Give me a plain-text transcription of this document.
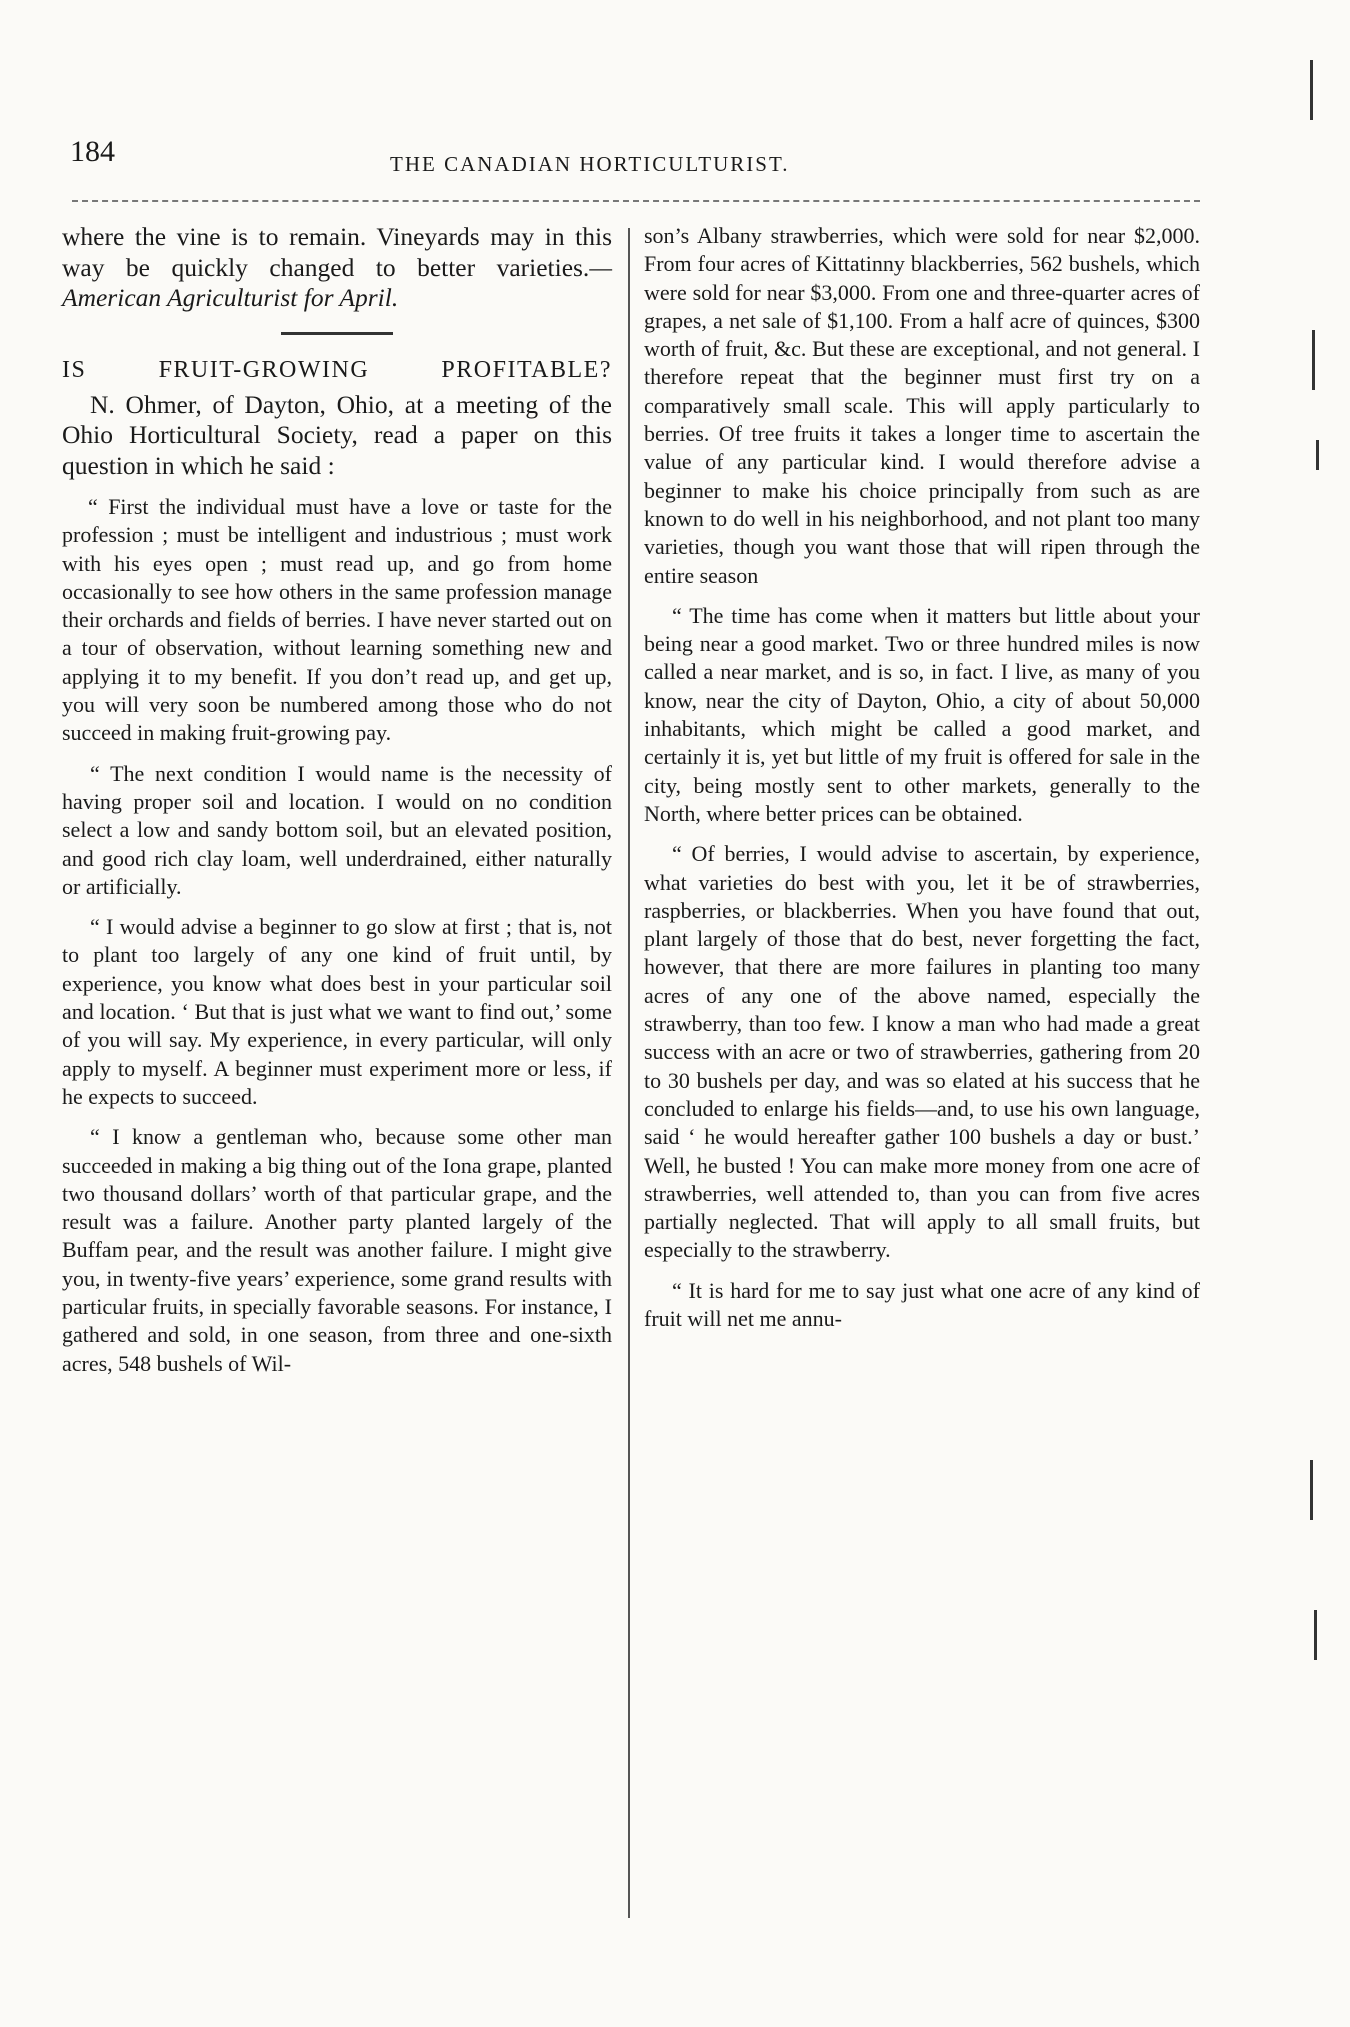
184	THE CANADIAN HORTICULTURIST.

where the vine is to remain. Vineyards may in this way be quickly changed to better varieties.—American Agriculturist for April.

IS FRUIT-GROWING PROFITABLE?

N. Ohmer, of Dayton, Ohio, at a meeting of the Ohio Horticultural Society, read a paper on this question in which he said :

“ First the individual must have a love or taste for the profession ; must be intelligent and industrious ; must work with his eyes open ; must read up, and go from home occasionally to see how others in the same profession manage their orchards and fields of berries. I have never started out on a tour of observation, without learning something new and applying it to my benefit. If you don’t read up, and get up, you will very soon be numbered among those who do not succeed in making fruit-growing pay.

“ The next condition I would name is the necessity of having proper soil and location. I would on no condition select a low and sandy bottom soil, but an elevated position, and good rich clay loam, well underdrained, either naturally or artificially.

“ I would advise a beginner to go slow at first ; that is, not to plant too largely of any one kind of fruit until, by experience, you know what does best in your particular soil and location. ‘ But that is just what we want to find out,’ some of you will say. My experience, in every particular, will only apply to myself. A beginner must experiment more or less, if he expects to succeed.

“ I know a gentleman who, because some other man succeeded in making a big thing out of the Iona grape, planted two thousand dollars’ worth of that particular grape, and the result was a failure. Another party planted largely of the Buffam pear, and the result was another failure. I might give you, in twenty-five years’ experience, some grand results with particular fruits, in specially favorable seasons. For instance, I gathered and sold, in one season, from three and one-sixth acres, 548 bushels of Wil-

son’s Albany strawberries, which were sold for near $2,000. From four acres of Kittatinny blackberries, 562 bushels, which were sold for near $3,000. From one and three-quarter acres of grapes, a net sale of $1,100. From a half acre of quinces, $300 worth of fruit, &c. But these are exceptional, and not general. I therefore repeat that the beginner must first try on a comparatively small scale. This will apply particularly to berries. Of tree fruits it takes a longer time to ascertain the value of any particular kind. I would therefore advise a beginner to make his choice principally from such as are known to do well in his neighborhood, and not plant too many varieties, though you want those that will ripen through the entire season

“ The time has come when it matters but little about your being near a good market. Two or three hundred miles is now called a near market, and is so, in fact. I live, as many of you know, near the city of Dayton, Ohio, a city of about 50,000 inhabitants, which might be called a good market, and certainly it is, yet but little of my fruit is offered for sale in the city, being mostly sent to other markets, generally to the North, where better prices can be obtained.

“ Of berries, I would advise to ascertain, by experience, what varieties do best with you, let it be of strawberries, raspberries, or blackberries. When you have found that out, plant largely of those that do best, never forgetting the fact, however, that there are more failures in planting too many acres of any one of the above named, especially the strawberry, than too few. I know a man who had made a great success with an acre or two of strawberries, gathering from 20 to 30 bushels per day, and was so elated at his success that he concluded to enlarge his fields—and, to use his own language, said ‘ he would hereafter gather 100 bushels a day or bust.’ Well, he busted ! You can make more money from one acre of strawberries, well attended to, than you can from five acres partially neglected. That will apply to all small fruits, but especially to the strawberry.

“ It is hard for me to say just what one acre of any kind of fruit will net me annu-
